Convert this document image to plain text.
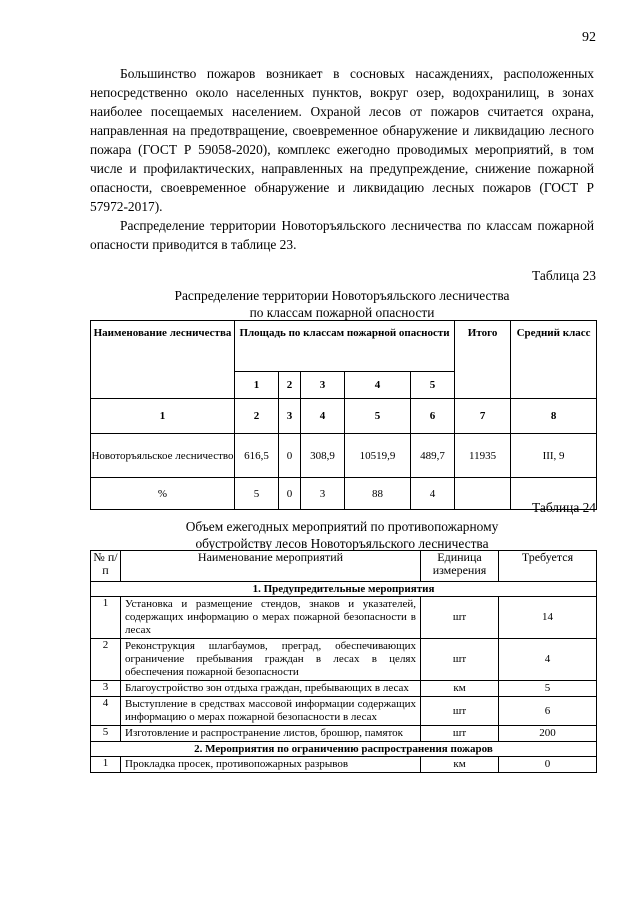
92

Большинство пожаров возникает в сосновых насаждениях, расположенных непосредственно около населенных пунктов, вокруг озер, водохранилищ, в зонах наиболее посещаемых населением. Охраной лесов от пожаров считается охрана, направленная на предотвращение, своевременное обнаружение и ликвидацию лесного пожара (ГОСТ Р 59058-2020), комплекс ежегодно проводимых мероприятий, в том числе и профилактических, направленных на предупреждение, снижение пожарной опасности, своевременное обнаружение и ликвидацию лесных пожаров (ГОСТ Р 57972-2017).

Распределение территории Новоторъяльского лесничества по классам пожарной опасности приводится в таблице 23.

Таблица 23
Распределение территории Новоторъяльского лесничества
по классам пожарной опасности
Наименование лесничества	Площадь по классам пожарной опасности					Итого	Средний класс
	1	2	3	4	5		
1	2	3	4	5	6	7	8
Новоторъяльское лесничество	616,5	0	308,9	10519,9	489,7	11935	III, 9
%	5	0	3	88	4		
Таблица 24
Объем ежегодных мероприятий по противопожарному
обустройству лесов Новоторъяльского лесничества
№ п/п	Наименование мероприятий	Единица измерения	Требуется
1. Предупредительные мероприятия			
1	Установка и размещение стендов, знаков и указателей, содержащих информацию о мерах пожарной безопасности в лесах	шт	14
2	Реконструкция шлагбаумов, преград, обеспечивающих ограничение пребывания граждан в лесах в целях обеспечения пожарной безопасности	шт	4
3	Благоустройство зон отдыха граждан, пребывающих в лесах	км	5
4	Выступление в средствах массовой информации содержащих информацию о мерах пожарной безопасности в лесах	шт	6
5	Изготовление и распространение листов, брошюр, памяток	шт	200
2. Мероприятия по ограничению распространения пожаров			
1	Прокладка просек, противопожарных разрывов	км	0
